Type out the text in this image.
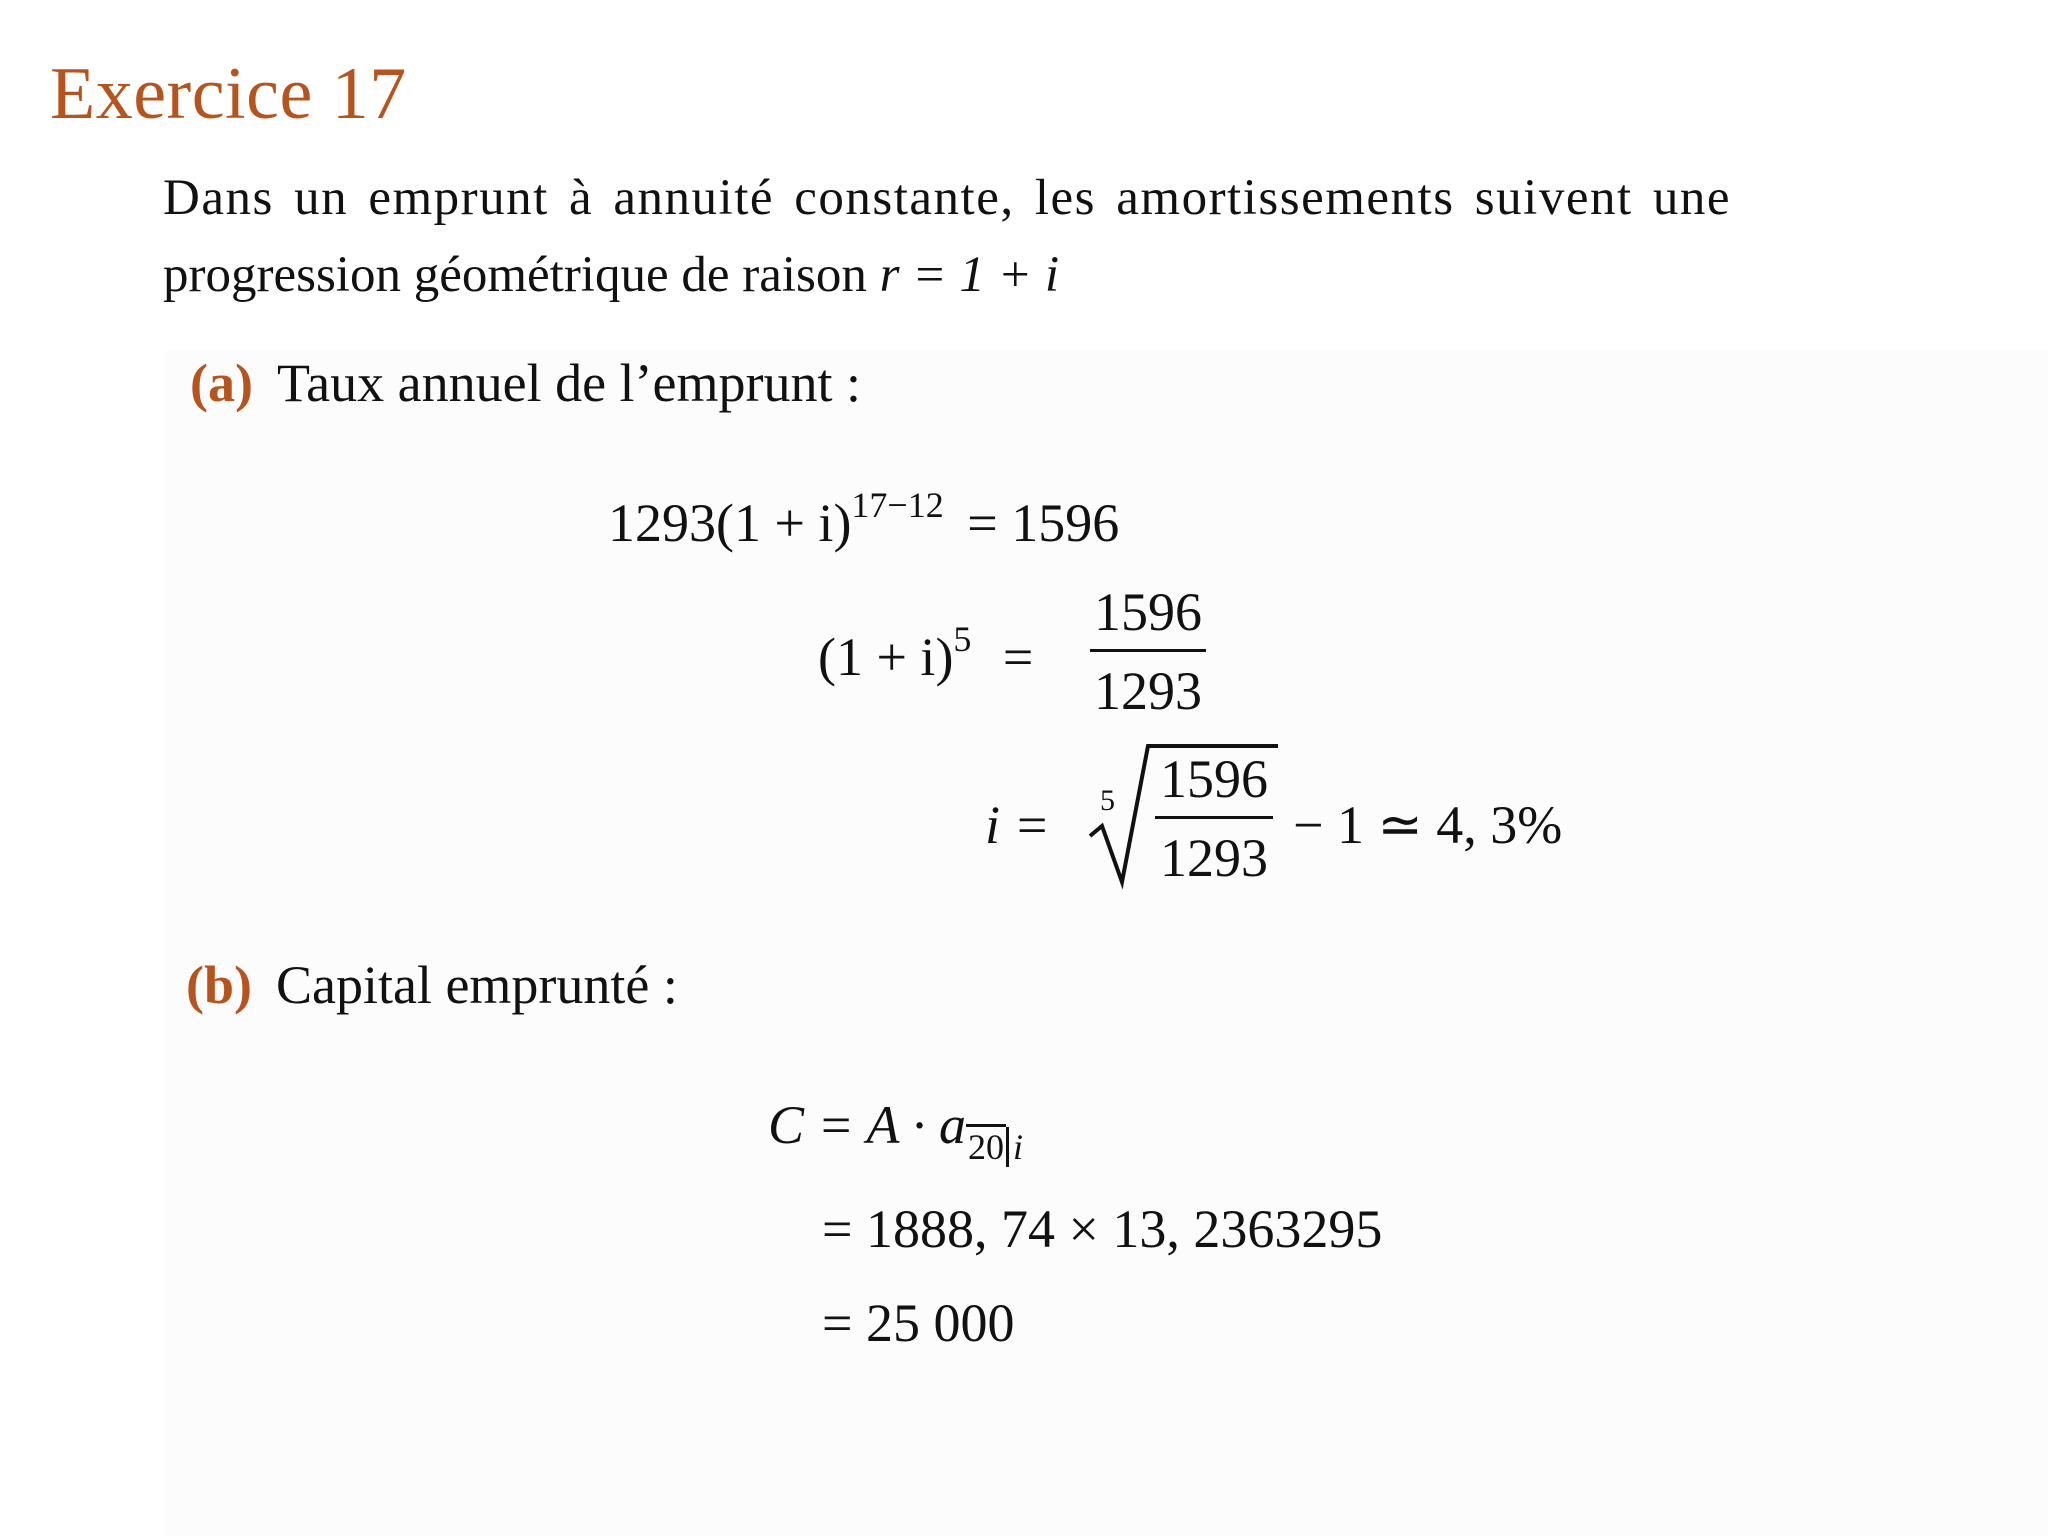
Exercice 17
Dans un emprunt à annuité constante, les amortissements suivent une
progression géométrique de raison r = 1 + i
(a) Taux annuel de l’emprunt :
$1293(1 + i)^{17-12} = 1596$
$(1 + i)^5$ =
1596
1293
i = 5 1596
1293
− 1 ≃ 4, 3%
(b) Capital emprunté :
$C = A \cdot a_{20}$ $_i$
= 1888, 74 × 13, 2363295
= 25 000
